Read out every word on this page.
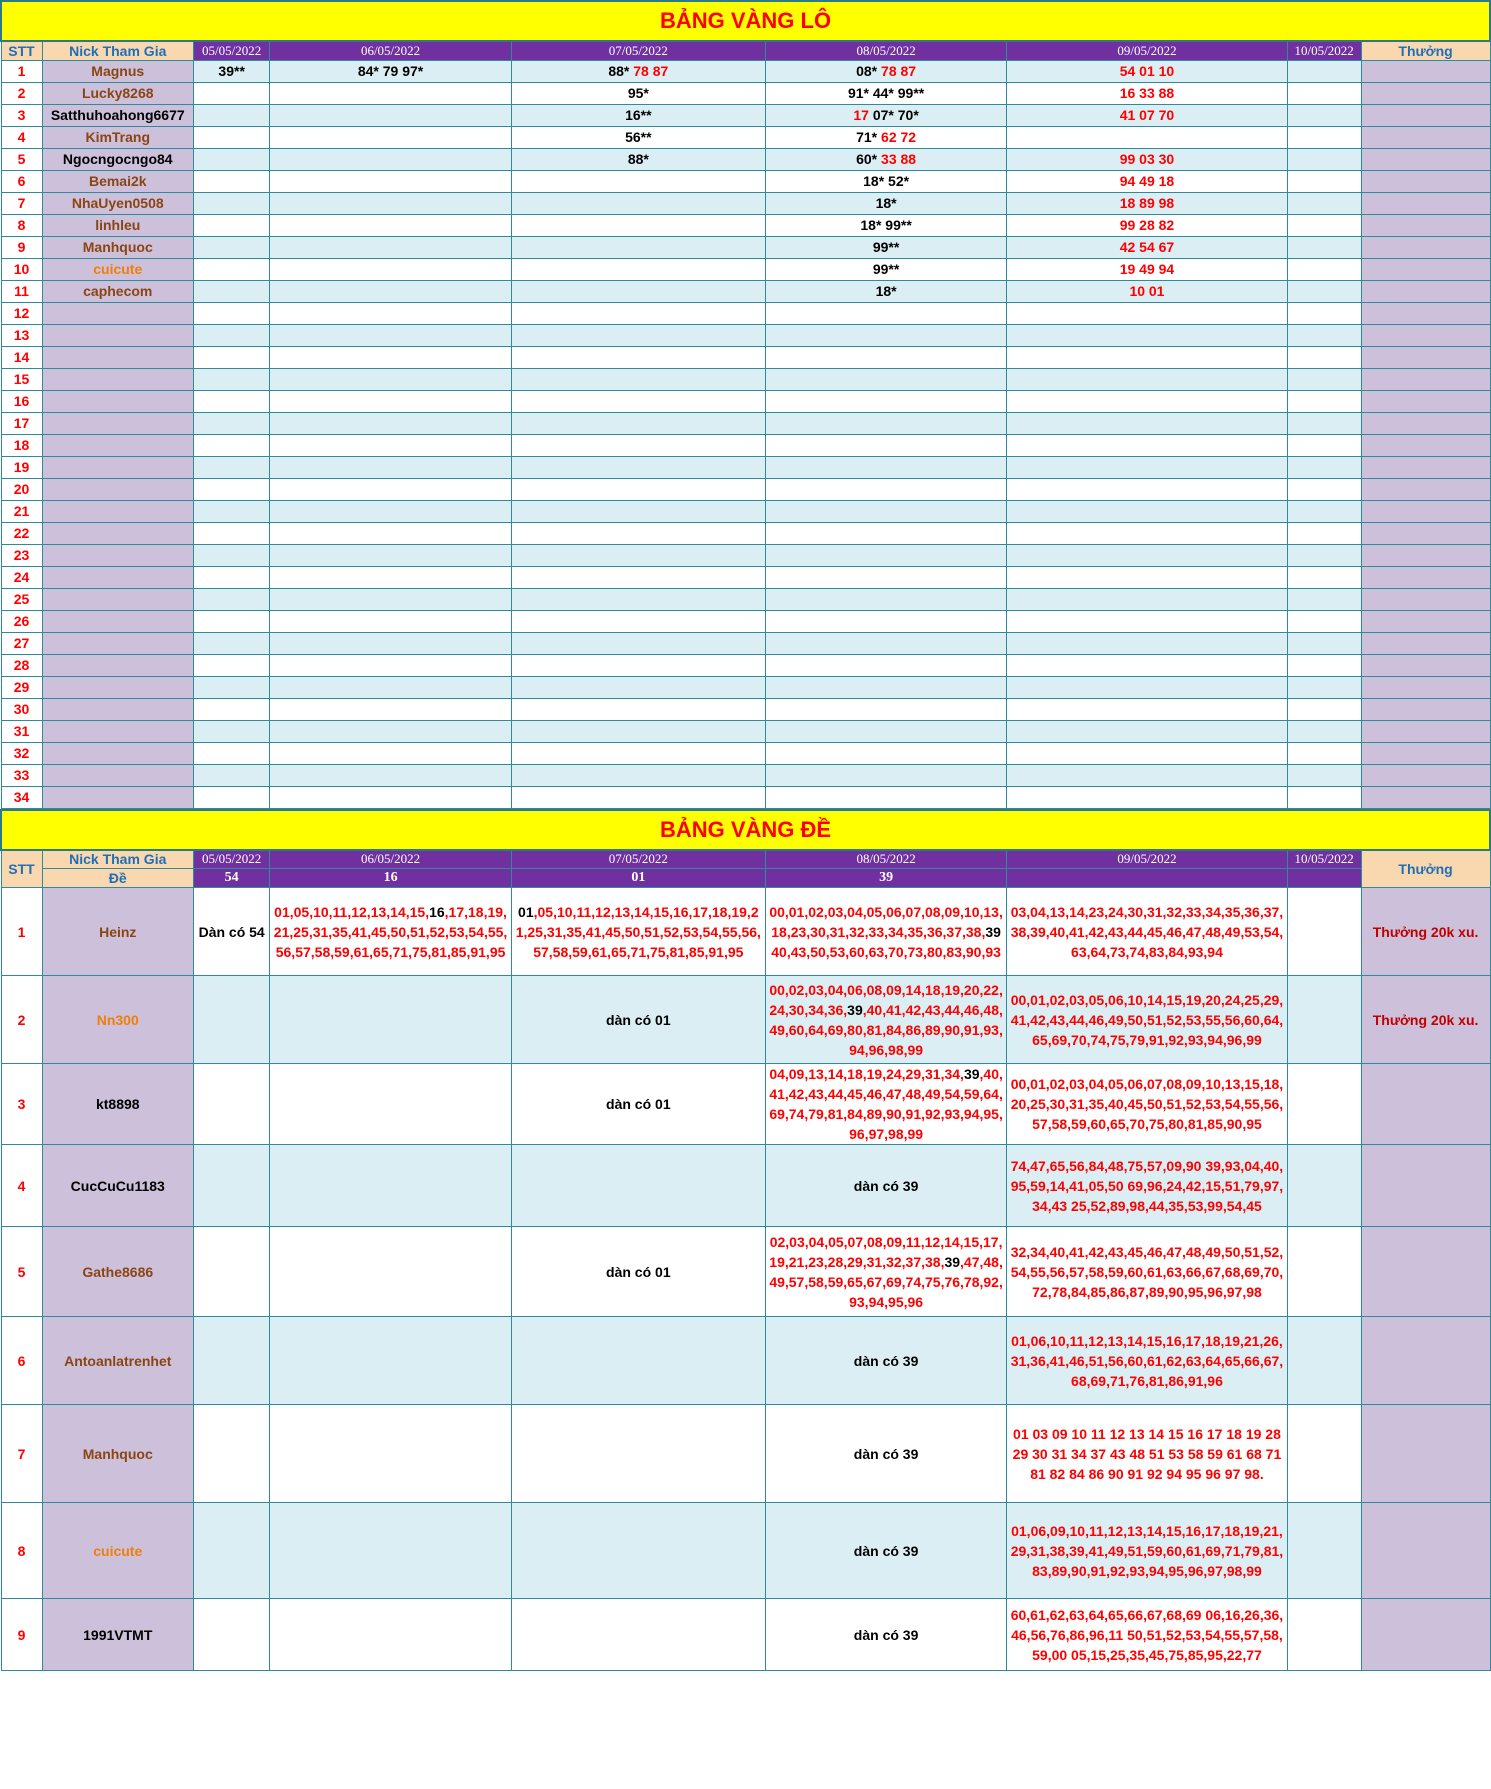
BẢNG VÀNG LÔ								
STT	Nick Tham Gia	05/05/2022	06/05/2022	07/05/2022	08/05/2022	09/05/2022	10/05/2022	Thưởng
1	Magnus	39**	84* 79 97*	88* 78 87	08* 78 87	54 01 10		
2	Lucky8268			95*	91* 44* 99**	16 33 88		
3	Satthuhoahong6677			16**	17 07* 70*	41 07 70		
4	KimTrang			56**	71* 62 72			
5	Ngocngocngo84			88*	60* 33 88	99 03 30		
6	Bemai2k				18* 52*	94 49 18		
7	NhaUyen0508				18*	18 89 98		
8	linhleu				18* 99**	99 28 82		
9	Manhquoc				99**	42 54 67		
10	cuicute				99**	19 49 94		
11	caphecom				18*	10 01		
12								
13								
14								
15								
16								
17								
18								
19								
20								
21								
22								
23								
24								
25								
26								
27								
28								
29								
30								
31								
32								
33								
34								
BẢNG VÀNG ĐỀ								
STT	Nick Tham Gia	05/05/2022	06/05/2022	07/05/2022	08/05/2022	09/05/2022	10/05/2022	Thưởng
	Đề	54	16	01	39			
1	Heinz	Dàn có 54	01,05,10,11,12,13,14,15,16,17,18,19,21,25,31,35,41,45,50,51,52,53,54,55,56,57,58,59,61,65,71,75,81,85,91,95	01,05,10,11,12,13,14,15,16,17,18,19,21,25,31,35,41,45,50,51,52,53,54,55,56,57,58,59,61,65,71,75,81,85,91,95	00,01,02,03,04,05,06,07,08,09,10,13,18,23,30,31,32,33,34,35,36,37,38,3940,43,50,53,60,63,70,73,80,83,90,93	03,04,13,14,23,24,30,31,32,33,34,35,36,37,38,39,40,41,42,43,44,45,46,47,48,49,53,54,63,64,73,74,83,84,93,94		Thưởng 20k xu.
2	Nn300			dàn có 01	00,02,03,04,06,08,09,14,18,19,20,22,24,30,34,36,39,40,41,42,43,44,46,48,49,60,64,69,80,81,84,86,89,90,91,93,94,96,98,99	00,01,02,03,05,06,10,14,15,19,20,24,25,29,41,42,43,44,46,49,50,51,52,53,55,56,60,64,65,69,70,74,75,79,91,92,93,94,96,99		Thưởng 20k xu.
3	kt8898			dàn có 01	04,09,13,14,18,19,24,29,31,34,39,40,41,42,43,44,45,46,47,48,49,54,59,64,69,74,79,81,84,89,90,91,92,93,94,95,96,97,98,99	00,01,02,03,04,05,06,07,08,09,10,13,15,18,20,25,30,31,35,40,45,50,51,52,53,54,55,56,57,58,59,60,65,70,75,80,81,85,90,95		
4	CucCuCu1183				dàn có 39	74,47,65,56,84,48,75,57,09,90 39,93,04,40,95,59,14,41,05,50 69,96,24,42,15,51,79,97,34,43 25,52,89,98,44,35,53,99,54,45		
5	Gathe8686			dàn có 01	02,03,04,05,07,08,09,11,12,14,15,17,19,21,23,28,29,31,32,37,38,39,47,48,49,57,58,59,65,67,69,74,75,76,78,92,93,94,95,96	32,34,40,41,42,43,45,46,47,48,49,50,51,52,54,55,56,57,58,59,60,61,63,66,67,68,69,70,72,78,84,85,86,87,89,90,95,96,97,98		
6	Antoanlatrenhet				dàn có 39	01,06,10,11,12,13,14,15,16,17,18,19,21,26,31,36,41,46,51,56,60,61,62,63,64,65,66,67,68,69,71,76,81,86,91,96		
7	Manhquoc				dàn có 39	01 03 09 10 11 12 13 14 15 16 17 18 19 28 29 30 31 34 37 43 48 51 53 58 59 61 68 71 81 82 84 86 90 91 92 94 95 96 97 98.		
8	cuicute				dàn có 39	01,06,09,10,11,12,13,14,15,16,17,18,19,21,29,31,38,39,41,49,51,59,60,61,69,71,79,81,83,89,90,91,92,93,94,95,96,97,98,99		
9	1991VTMT				dàn có 39	60,61,62,63,64,65,66,67,68,69 06,16,26,36,46,56,76,86,96,11 50,51,52,53,54,55,57,58,59,00 05,15,25,35,45,75,85,95,22,77		
